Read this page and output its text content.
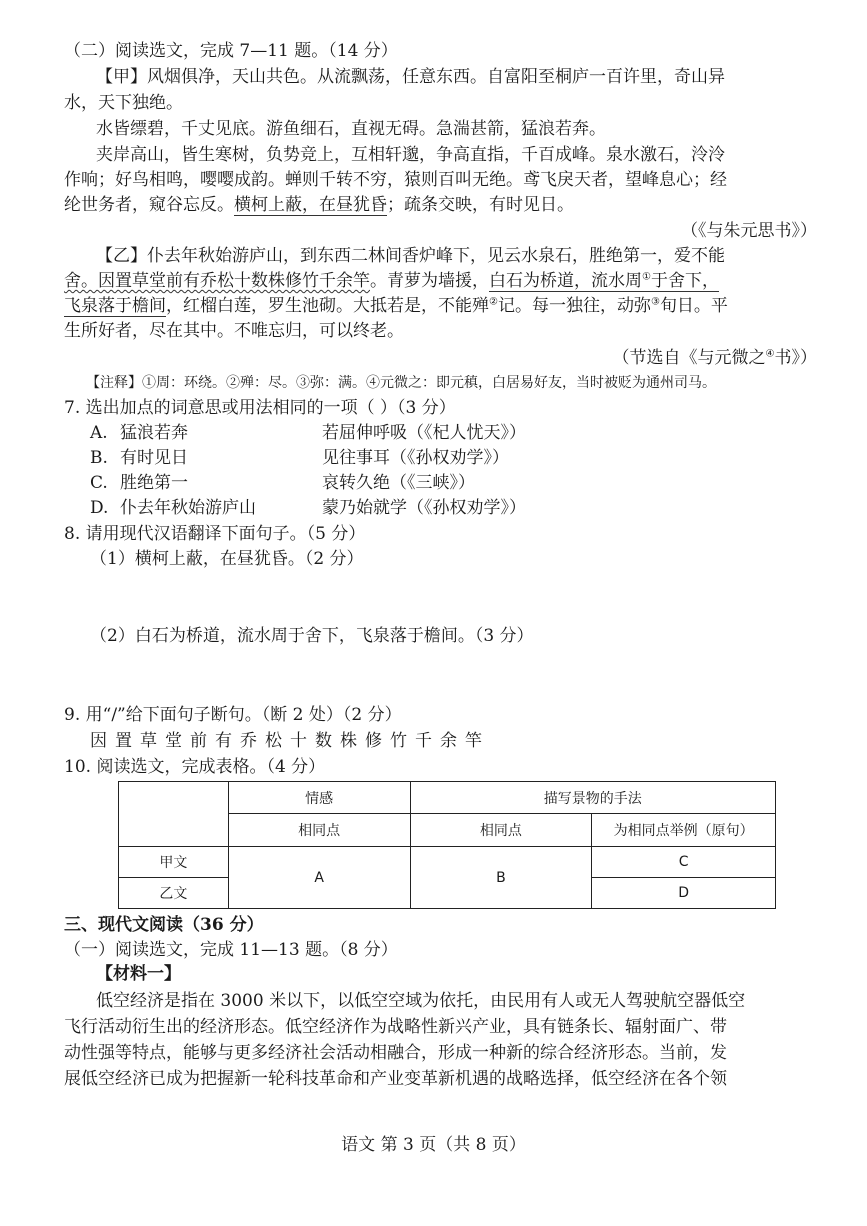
（二）阅读选文，完成 7—11 题。（14 分）
【甲】风烟俱净，天山共色。从流飘荡，任意东西。自富阳至桐庐一百许里，奇山异
水，天下独绝。
水皆缥碧，千丈见底。游鱼细石，直视无碍。急湍甚箭，猛浪若奔。
夹岸高山，皆生寒树，负势竞上，互相轩邈，争高直指，千百成峰。泉水激石，泠泠
作响；好鸟相鸣，嘤嘤成韵。蝉则千转不穷，猿则百叫无绝。鸢飞戾天者，望峰息心；经
纶世务者，窥谷忘反。横柯上蔽，在昼犹昏；疏条交映，有时见日。
（《与朱元思书》）
【乙】仆去年秋始游庐山，到东西二林间香炉峰下，见云水泉石，胜绝第一，爱不能
舍。因置草堂前有乔松十数株修竹千余竿。青萝为墙援，白石为桥道，流水周①于舍下，
飞泉落于檐间，红榴白莲，罗生池砌。大抵若是，不能殚②记。每一独往，动弥③旬日。平
生所好者，尽在其中。不唯忘归，可以终老。
（节选自《与元微之④书》）
【注释】①周：环绕。②殚：尽。③弥：满。④元微之：即元稹，白居易好友，当时被贬为通州司马。
7. 选出加点的词意思或用法相同的一项（ ）（3 分）
A. 猛浪若奔	若屈伸呼吸（《杞人忧天》）
B. 有时见日	见往事耳（《孙权劝学》）
C. 胜绝第一	哀转久绝（《三峡》）
D. 仆去年秋始游庐山	蒙乃始就学（《孙权劝学》）
8. 请用现代汉语翻译下面句子。（5 分）
（1）横柯上蔽，在昼犹昏。（2 分）
（2）白石为桥道，流水周于舍下，飞泉落于檐间。（3 分）
9. 用“/”给下面句子断句。（断 2 处）（2 分）
因置草堂前有乔松十数株修竹千余竿
10. 阅读选文，完成表格。（4 分）
	情感	描写景物的手法	
	相同点	相同点	为相同点举例（原句）
甲文	A	B	C
乙文			D
三、现代文阅读（36 分）
（一）阅读选文，完成 11—13 题。（8 分）
【材料一】
低空经济是指在 3000 米以下，以低空空域为依托，由民用有人或无人驾驶航空器低空
飞行活动衍生出的经济形态。低空经济作为战略性新兴产业，具有链条长、辐射面广、带
动性强等特点，能够与更多经济社会活动相融合，形成一种新的综合经济形态。当前，发
展低空经济已成为把握新一轮科技革命和产业变革新机遇的战略选择，低空经济在各个领
语文 第 3 页（共 8 页）
